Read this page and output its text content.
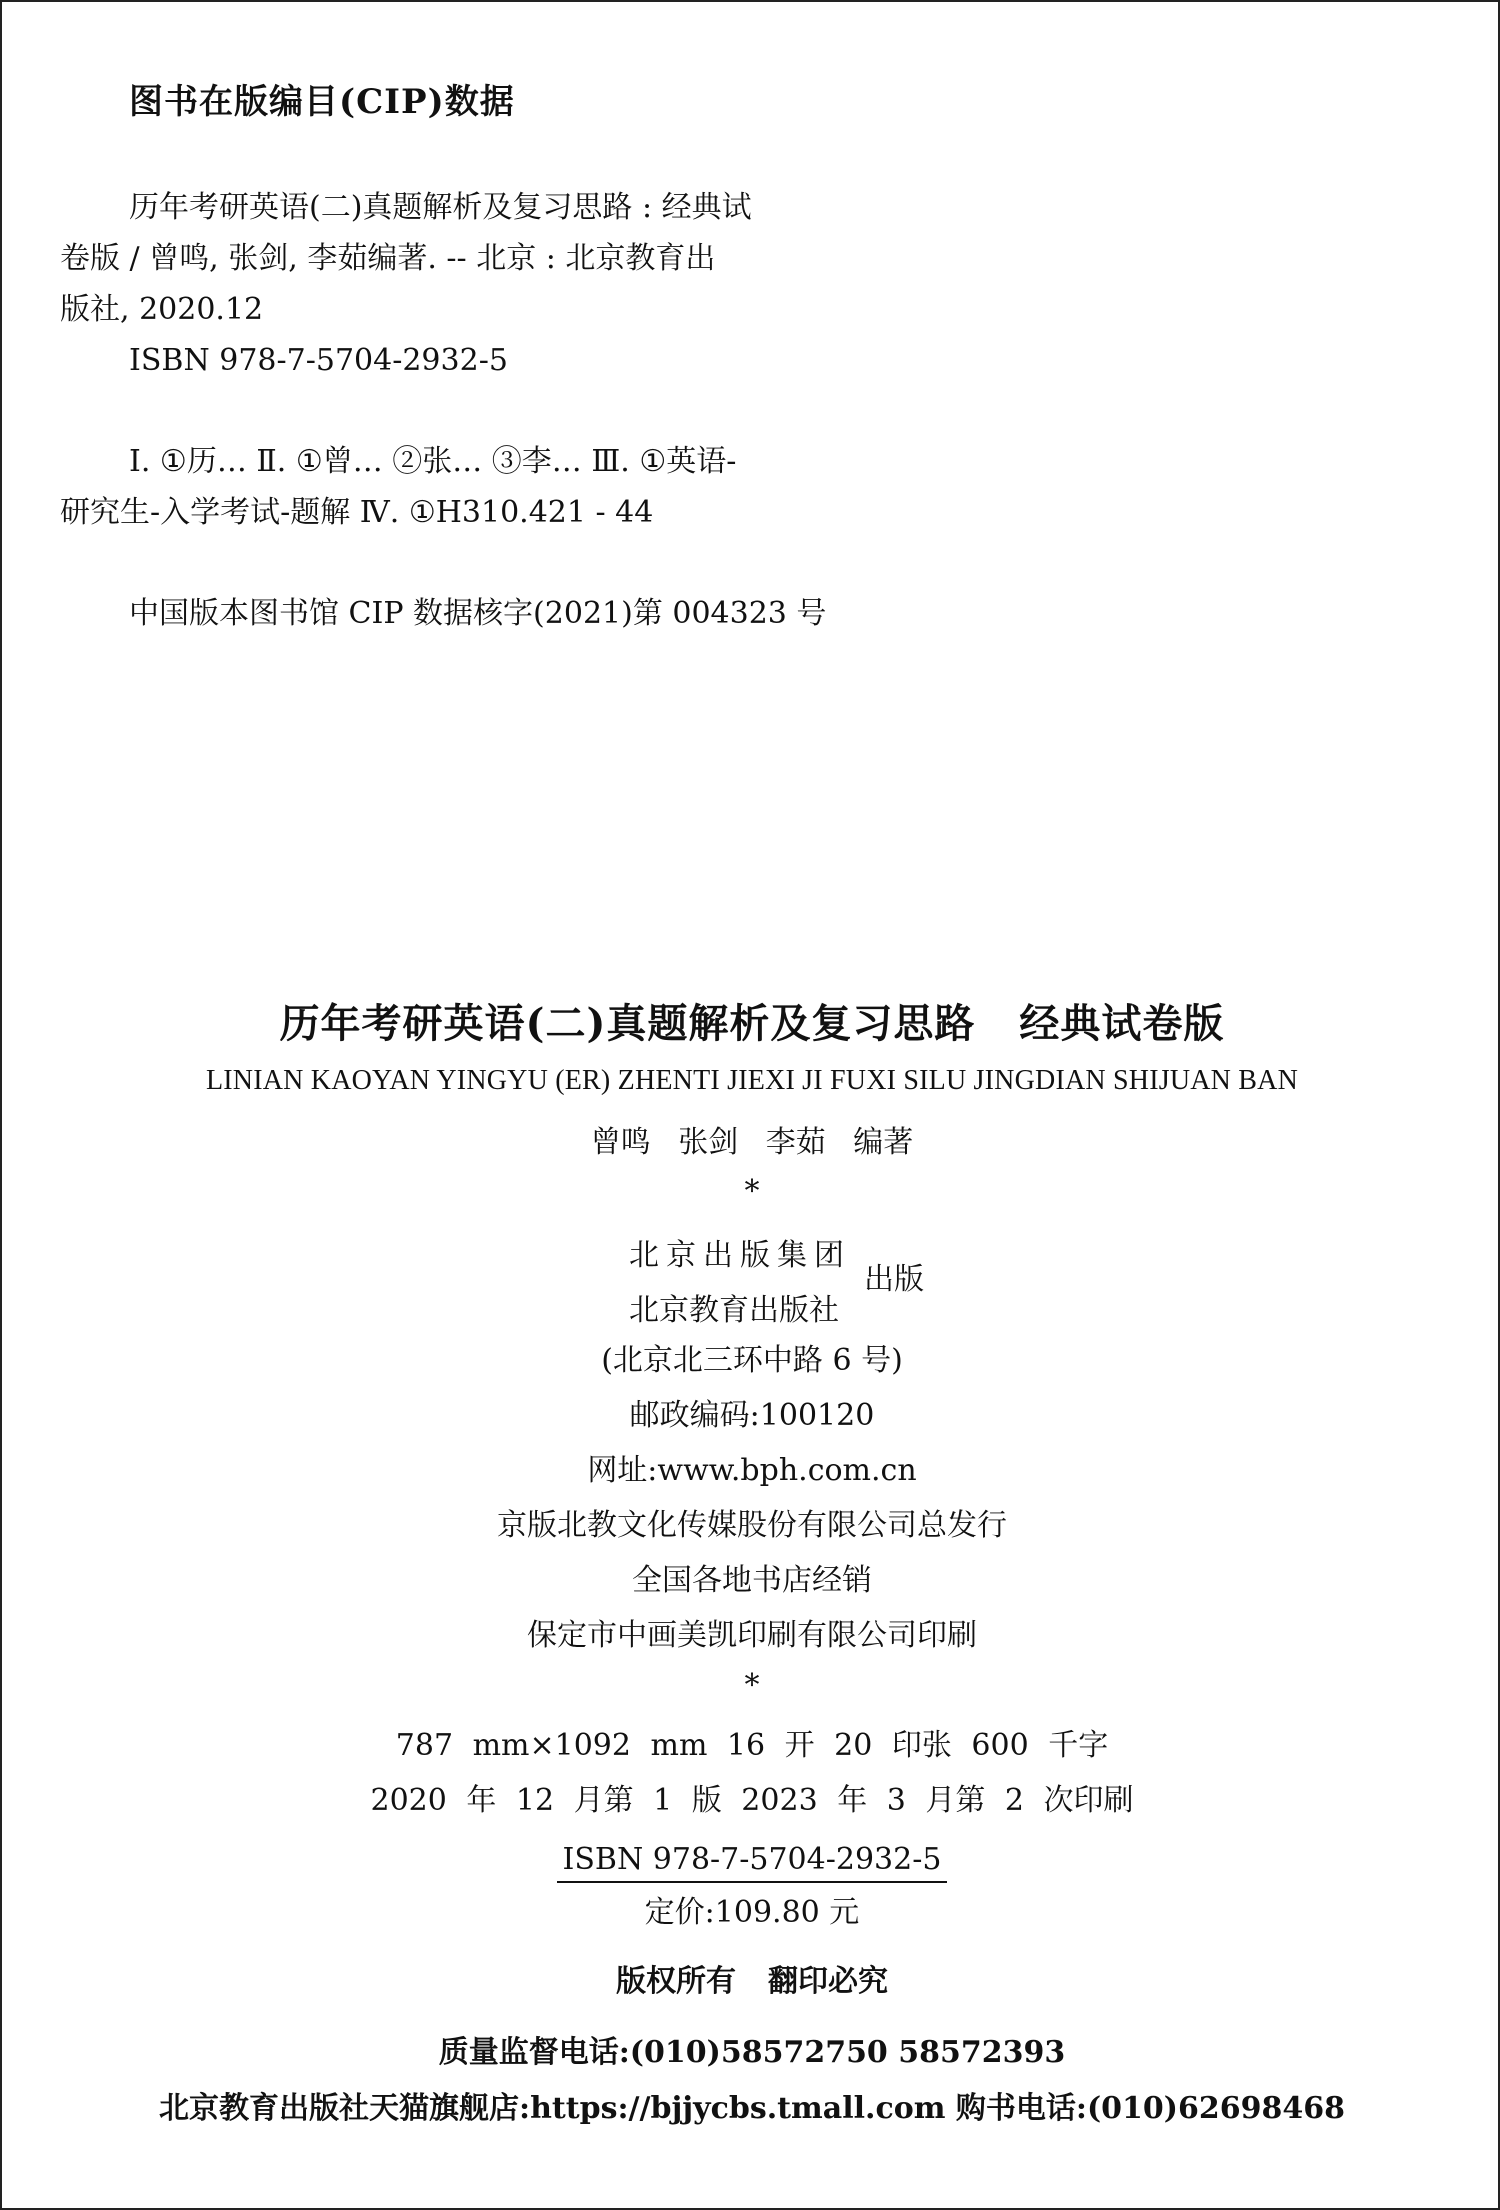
图书在版编目(CIP)数据
历年考研英语(二)真题解析及复习思路 : 经典试
卷版 / 曾鸣, 张剑, 李茹编著. -- 北京 : 北京教育出
版社, 2020.12
ISBN 978-7-5704-2932-5
Ⅰ. ①历… Ⅱ. ①曾… ②张… ③李… Ⅲ. ①英语-
研究生-入学考试-题解 Ⅳ. ①H310.421 - 44
中国版本图书馆 CIP 数据核字(2021)第 004323 号
历年考研英语(二)真题解析及复习思路 经典试卷版
LINIAN KAOYAN YINGYU (ER) ZHENTI JIEXI JI FUXI SILU JINGDIAN SHIJUAN BAN
曾鸣 张剑 李茹 编著
*
北京出版集团
北京教育出版社
出版
(北京北三环中路 6 号)
邮政编码:100120
网址:www.bph.com.cn
京版北教文化传媒股份有限公司总发行
全国各地书店经销
保定市中画美凯印刷有限公司印刷
*
787 mm×1092 mm 16 开 20 印张 600 千字
2020 年 12 月第 1 版 2023 年 3 月第 2 次印刷
ISBN 978-7-5704-2932-5
定价:109.80 元
版权所有 翻印必究
质量监督电话:(010)58572750 58572393
北京教育出版社天猫旗舰店:https://bjjycbs.tmall.com 购书电话:(010)62698468
